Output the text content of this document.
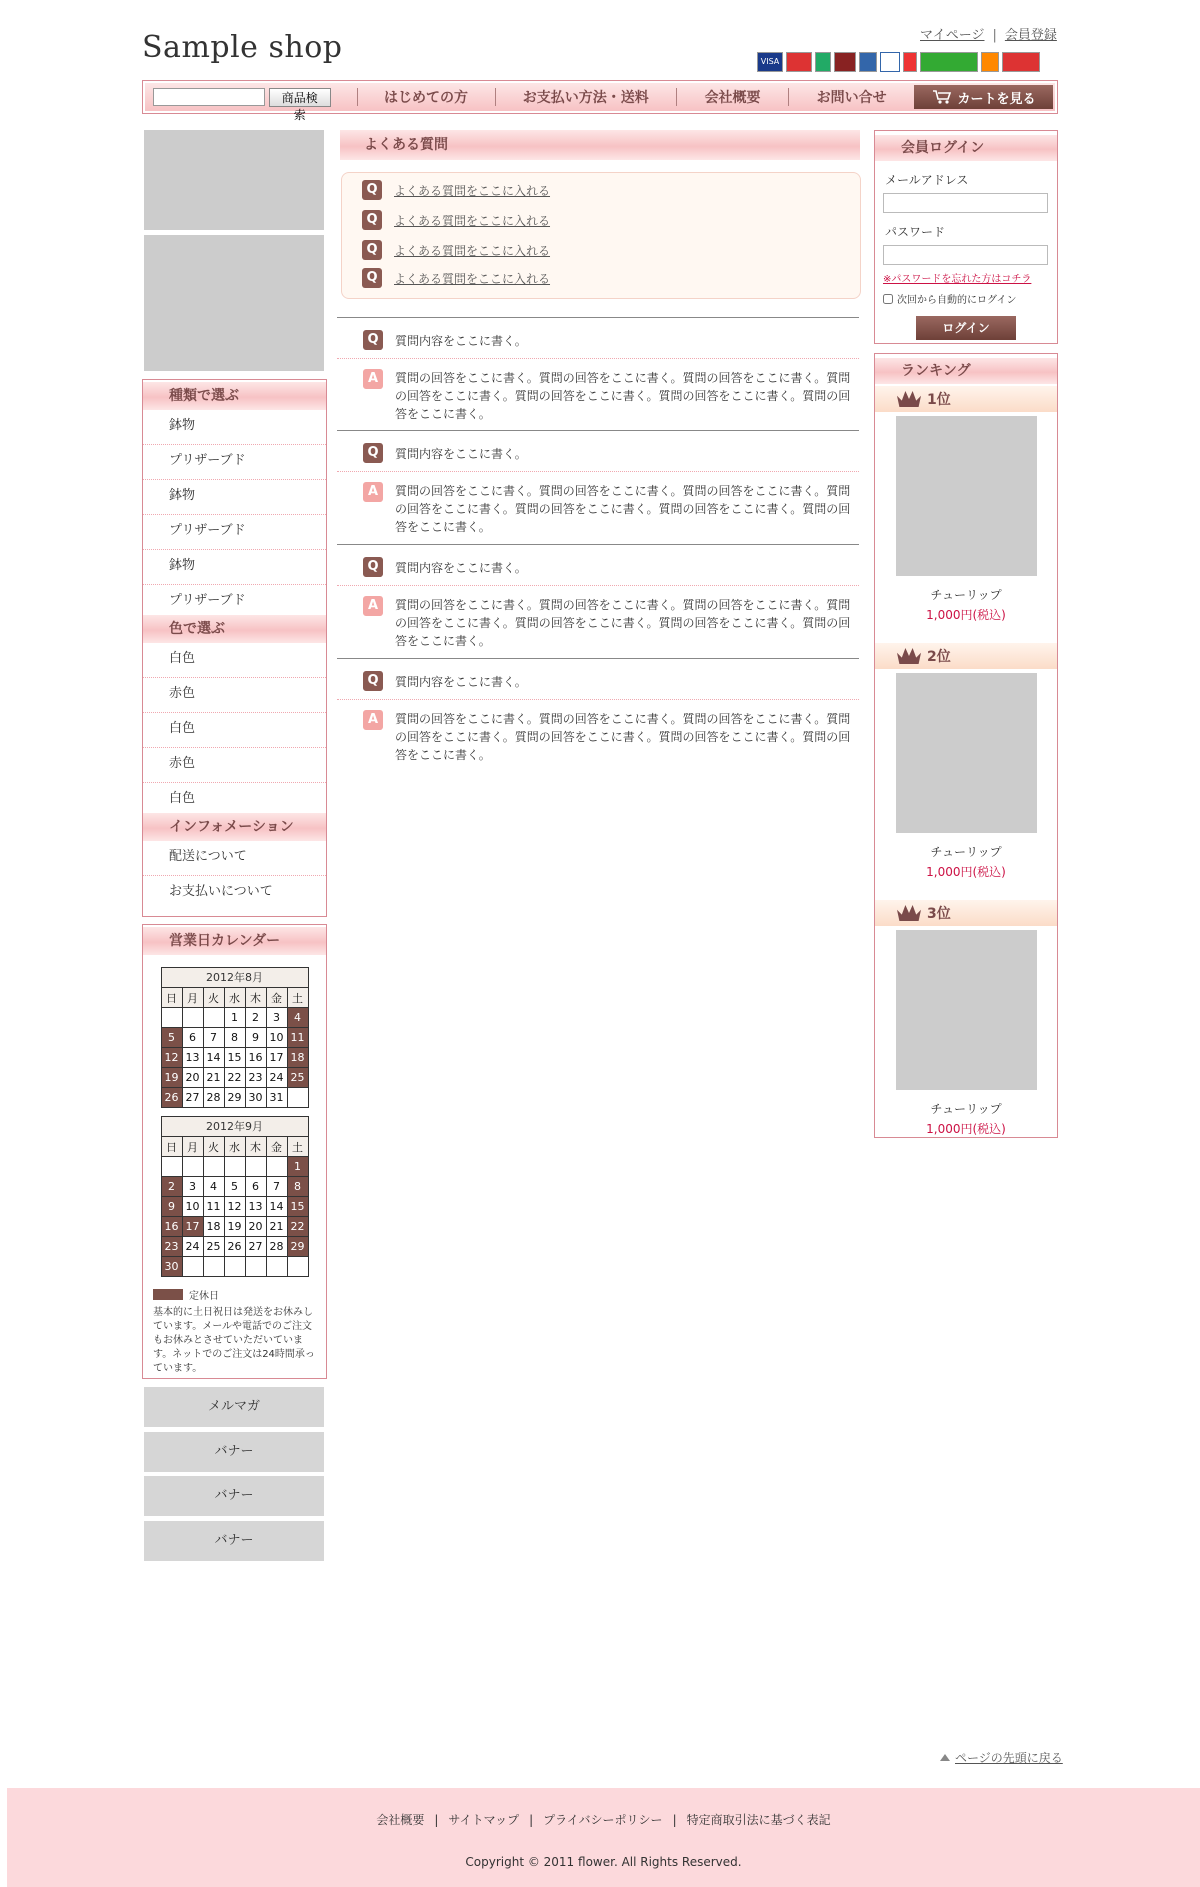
Sample shop	マイページ | 会員登録
VISA
商品検索
はじめての方	お支払い方法・送料	会社概要	お問い合せ	カートを見る
種類で選ぶ
鉢物
プリザーブド
鉢物
プリザーブド
鉢物
プリザーブド
色で選ぶ
白色
赤色
白色
赤色
白色
インフォメーション
配送について
お支払いについて
営業日カレンダー
2012年8月
日	月	火	水	木	金	土
			1	2	3	4
5	6	7	8	9	10	11
12	13	14	15	16	17	18
19	20	21	22	23	24	25
26	27	28	29	30	31	
2012年9月
日	月	火	水	木	金	土
						1
2	3	4	5	6	7	8
9	10	11	12	13	14	15
16	17	18	19	20	21	22
23	24	25	26	27	28	29
30						
定休日
基本的に土日祝日は発送をお休みしています。メールや電話でのご注文もお休みとさせていただいています。ネットでのご注文は24時間承っています。
メルマガ
バナー
バナー
バナー
よくある質問
Q	よくある質問をここに入れる
Q	よくある質問をここに入れる
Q	よくある質問をここに入れる
Q	よくある質問をここに入れる
Q	質問内容をここに書く。
A	質問の回答をここに書く。質問の回答をここに書く。質問の回答をここに書く。質問の回答をここに書く。質問の回答をここに書く。質問の回答をここに書く。質問の回答をここに書く。

Q	質問内容をここに書く。
A	質問の回答をここに書く。質問の回答をここに書く。質問の回答をここに書く。質問の回答をここに書く。質問の回答をここに書く。質問の回答をここに書く。質問の回答をここに書く。

Q	質問内容をここに書く。
A	質問の回答をここに書く。質問の回答をここに書く。質問の回答をここに書く。質問の回答をここに書く。質問の回答をここに書く。質問の回答をここに書く。質問の回答をここに書く。

Q	質問内容をここに書く。
A	質問の回答をここに書く。質問の回答をここに書く。質問の回答をここに書く。質問の回答をここに書く。質問の回答をここに書く。質問の回答をここに書く。質問の回答をここに書く。

会員ログイン
メールアドレス
パスワード
※パスワードを忘れた方はコチラ
次回から自動的にログイン
ログイン
ランキング
1位
チューリップ
1,000円(税込)
2位
チューリップ
1,000円(税込)
3位
チューリップ
1,000円(税込)
ページの先頭に戻る
会社概要 | サイトマップ | プライバシーポリシー | 特定商取引法に基づく表記
Copyright © 2011 flower. All Rights Reserved.
